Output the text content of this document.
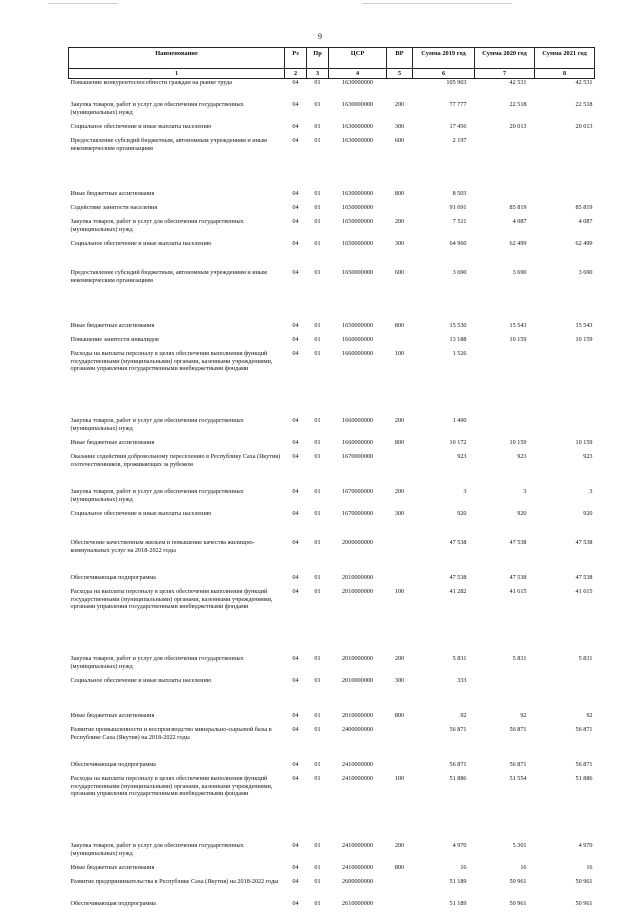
9
Наименование	Рз	Пр	ЦСР	ВР	Сумма 2019 год	Сумма 2020 год	Сумма 2021 год
1	2	3	4	5	6	7	8
Повышение конкурентоспособности граждан на рынке труда	04	01	1630000000		105 903	42 531	42 531
Закупка товаров, работ и услуг для обеспечения государственных (муниципальных) нужд	04	01	1630000000	200	77 777	22 518	22 518
Социальное обеспечение и иные выплаты населению	04	01	1630000000	300	17 456	20 013	20 013
Предоставление субсидий бюджетным, автономным учреждениям и иным некоммерческим организациям	04	01	1630000000	600	2 197		
Иные бюджетные ассигнования	04	01	1630000000	800	8 503		
Содействие занятости населения	04	01	1650000000		91 691	85 819	85 819
Закупка товаров, работ и услуг для обеспечения государственных (муниципальных) нужд	04	01	1650000000	200	7 511	4 087	4 087
Социальное обеспечение и иные выплаты населению	04	01	1650000000	300	64 960	62 499	62 499
Предоставление субсидий бюджетным, автономным учреждениям и иным некоммерческим организациям	04	01	1650000000	600	3 690	3 690	3 690
Иные бюджетные ассигнования	04	01	1650000000	800	15 530	15 543	15 543
Повышение занятости инвалидов	04	01	1660000000		13 188	10 159	10 159
Расходы на выплаты персоналу в целях обеспечения выполнения функций государственными (муниципальными) органами, казенными учреждениями, органами управления государственными внебюджетными фондами	04	01	1660000000	100	1 526		
Закупка товаров, работ и услуг для обеспечения государственных (муниципальных) нужд	04	01	1660000000	200	1 490		
Иные бюджетные ассигнования	04	01	1660000000	800	10 172	10 159	10 159
Оказание содействия добровольному переселению в Республику Саха (Якутия) соотечественников, проживающих за рубежом	04	01	1670000000		923	923	923
Закупка товаров, работ и услуг для обеспечения государственных (муниципальных) нужд	04	01	1670000000	200	3	3	3
Социальное обеспечение и иные выплаты населению	04	01	1670000000	300	920	920	920
Обеспечение качественным жильем и повышение качества жилищно-коммунальных услуг на 2018-2022 годы	04	01	2000000000		47 538	47 538	47 538
Обеспечивающая подпрограмма	04	01	2010000000		47 538	47 538	47 538
Расходы на выплаты персоналу в целях обеспечения выполнения функций государственными (муниципальными) органами, казенными учреждениями, органами управления государственными внебюджетными фондами	04	01	2010000000	100	41 282	41 615	41 615
Закупка товаров, работ и услуг для обеспечения государственных (муниципальных) нужд	04	01	2010000000	200	5 831	5 831	5 831
Социальное обеспечение и иные выплаты населению	04	01	2010000000	300	333		
Иные бюджетные ассигнования	04	01	2010000000	800	92	92	92
Развитие промышленности и воспроизводство минерально-сырьевой базы в Республике Саха (Якутия) на 2018-2022 годы	04	01	2400000000		56 871	56 871	56 871
Обеспечивающая подпрограмма	04	01	2410000000		56 871	56 871	56 871
Расходы на выплаты персоналу в целях обеспечения выполнения функций государственными (муниципальными) органами, казенными учреждениями, органами управления государственными внебюджетными фондами	04	01	2410000000	100	51 886	51 554	51 886
Закупка товаров, работ и услуг для обеспечения государственных (муниципальных) нужд	04	01	2410000000	200	4 970	5 301	4 970
Иные бюджетные ассигнования	04	01	2410000000	800	16	16	16
Развитие предпринимательства в Республике Саха (Якутия) на 2018-2022 годы	04	01	2600000000		51 189	50 961	50 961
Обеспечивающая подпрограмма	04	01	2610000000		51 189	50 961	50 961
